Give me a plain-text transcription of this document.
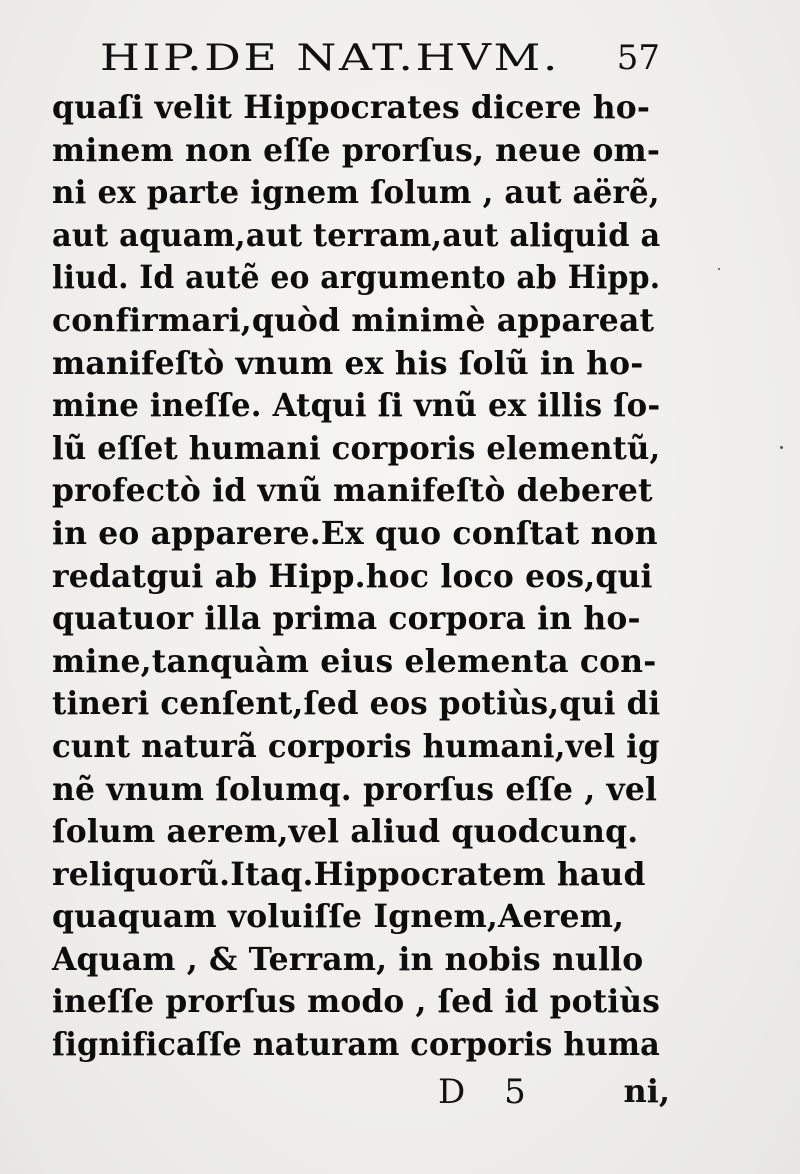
HIP.DE NAT.HVM. 57
quaſi velit Hippocrates dicere ho-
minem non eſſe prorſus, neue om-
ni ex parte ignem ſolum , aut aërẽ,
aut aquam,aut terram,aut aliquid a
liud. Id autẽ eo argumento ab Hipp.
confirmari,quòd minimè appareat
manifeſtò vnum ex his ſolũ in ho-
mine ineſſe. Atqui ſi vnũ ex illis ſo-
lũ eſſet humani corporis elementũ,
profectò id vnũ manifeſtò deberet
in eo apparere.Ex quo conſtat non
redatgui ab Hipp.hoc loco eos,qui
quatuor illa prima corpora in ho-
mine,tanquàm eius elementa con-
tineri cenſent,ſed eos potiùs,qui di
cunt naturã corporis humani,vel ig
nẽ vnum ſolumq. prorſus eſſe , vel
ſolum aerem,vel aliud quodcunq.
reliquorũ.Itaq.Hippocratem haud
quaquam voluiſſe Ignem,Aerem,
Aquam , & Terram, in nobis nullo
ineſſe prorſus modo , ſed id potiùs
ſignificaſſe naturam corporis huma
D 5	ni,
